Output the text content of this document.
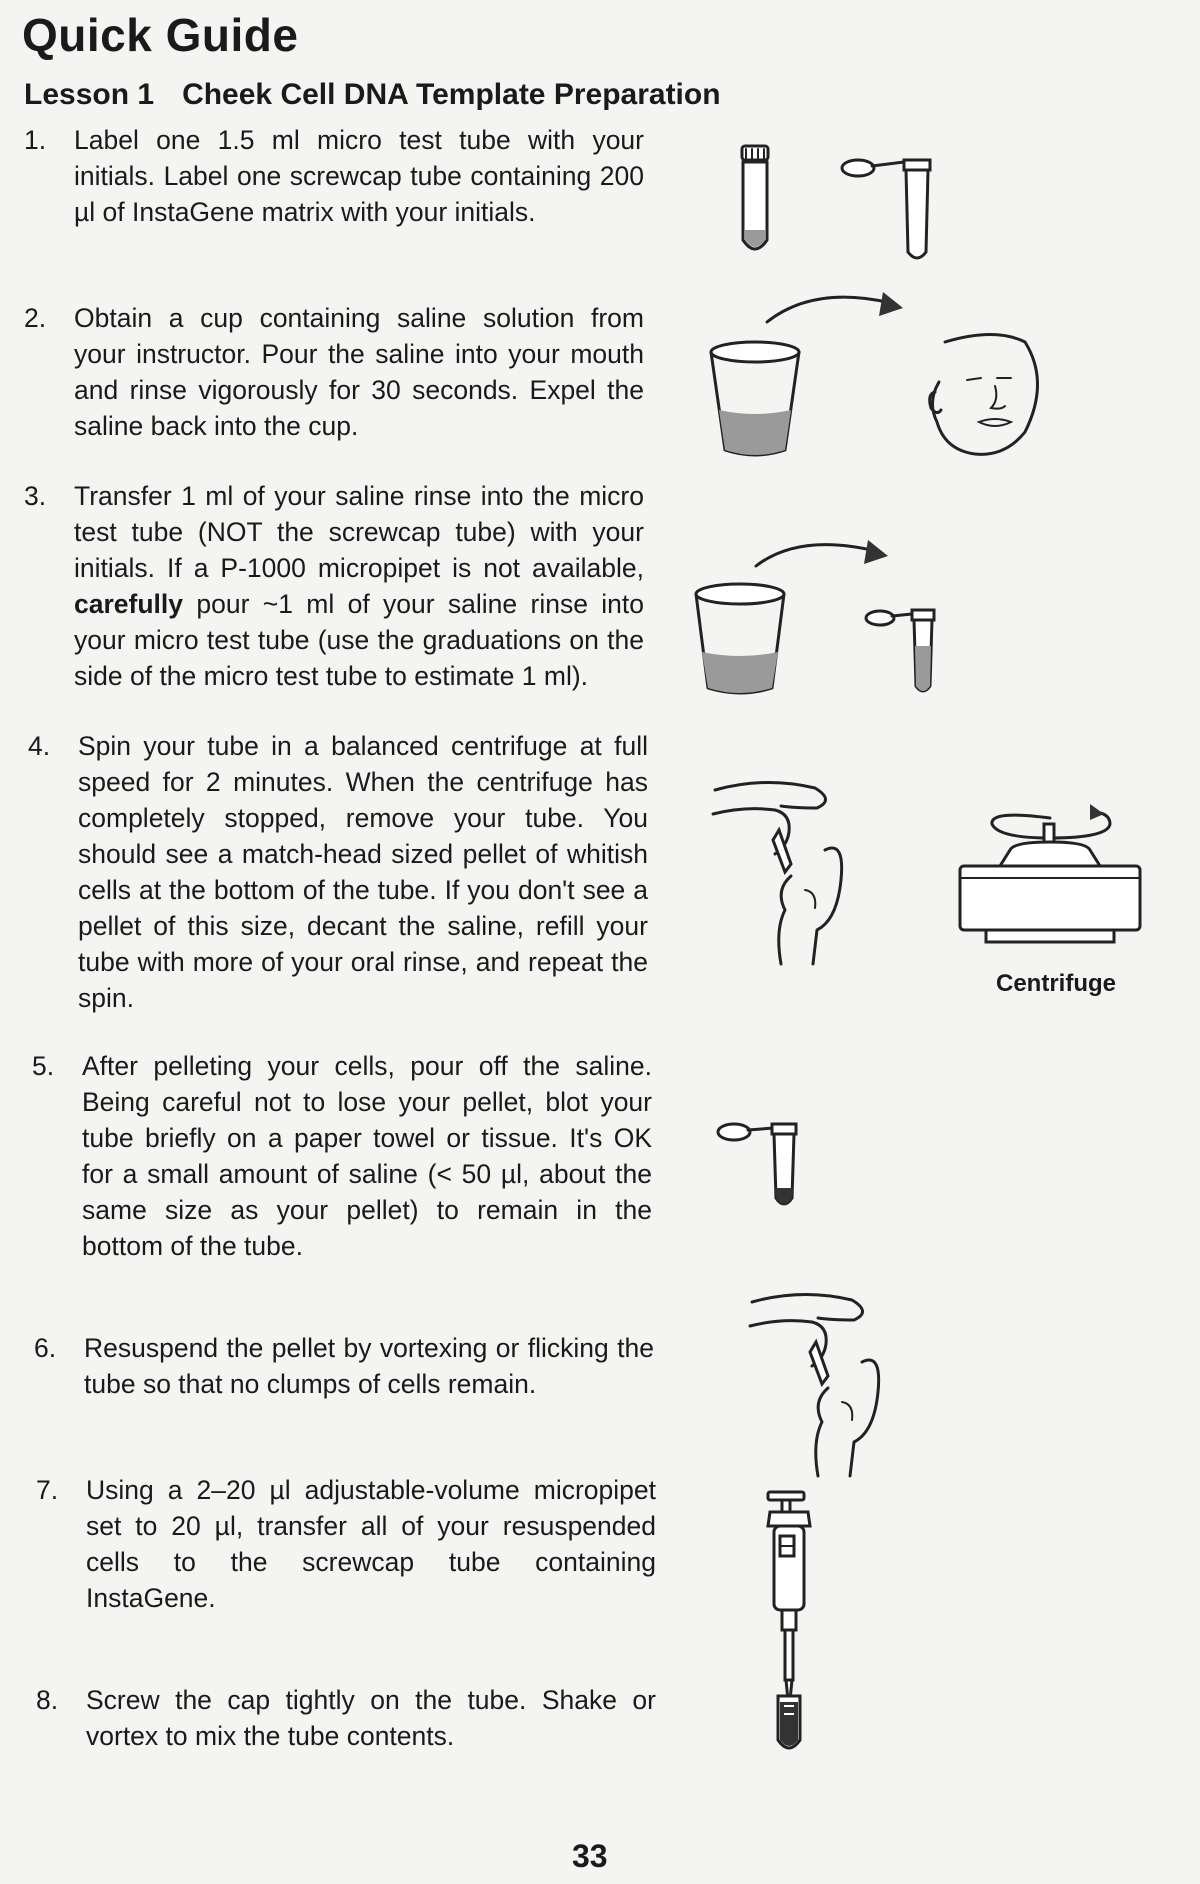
Quick Guide
Lesson 1 Cheek Cell DNA Template Preparation
1. Label one 1.5 ml micro test tube with your initials. Label one screwcap tube containing 200 µl of InstaGene matrix with your initials.
2. Obtain a cup containing saline solution from your instructor. Pour the saline into your mouth and rinse vigorously for 30 seconds. Expel the saline back into the cup.
3. Transfer 1 ml of your saline rinse into the micro test tube (NOT the screwcap tube) with your initials. If a P-1000 micropipet is not available, carefully pour ~1 ml of your saline rinse into your micro test tube (use the graduations on the side of the micro test tube to estimate 1 ml).
4. Spin your tube in a balanced centrifuge at full speed for 2 minutes. When the centrifuge has completely stopped, remove your tube. You should see a match-head sized pellet of whitish cells at the bottom of the tube. If you don't see a pellet of this size, decant the saline, refill your tube with more of your oral rinse, and repeat the spin.
5. After pelleting your cells, pour off the saline. Being careful not to lose your pellet, blot your tube briefly on a paper towel or tissue. It's OK for a small amount of saline (< 50 µl, about the same size as your pellet) to remain in the bottom of the tube.
6. Resuspend the pellet by vortexing or flicking the tube so that no clumps of cells remain.
7. Using a 2–20 µl adjustable-volume micropipet set to 20 µl, transfer all of your resuspended cells to the screwcap tube containing InstaGene.
8. Screw the cap tightly on the tube. Shake or vortex to mix the tube contents.
Centrifuge
33
